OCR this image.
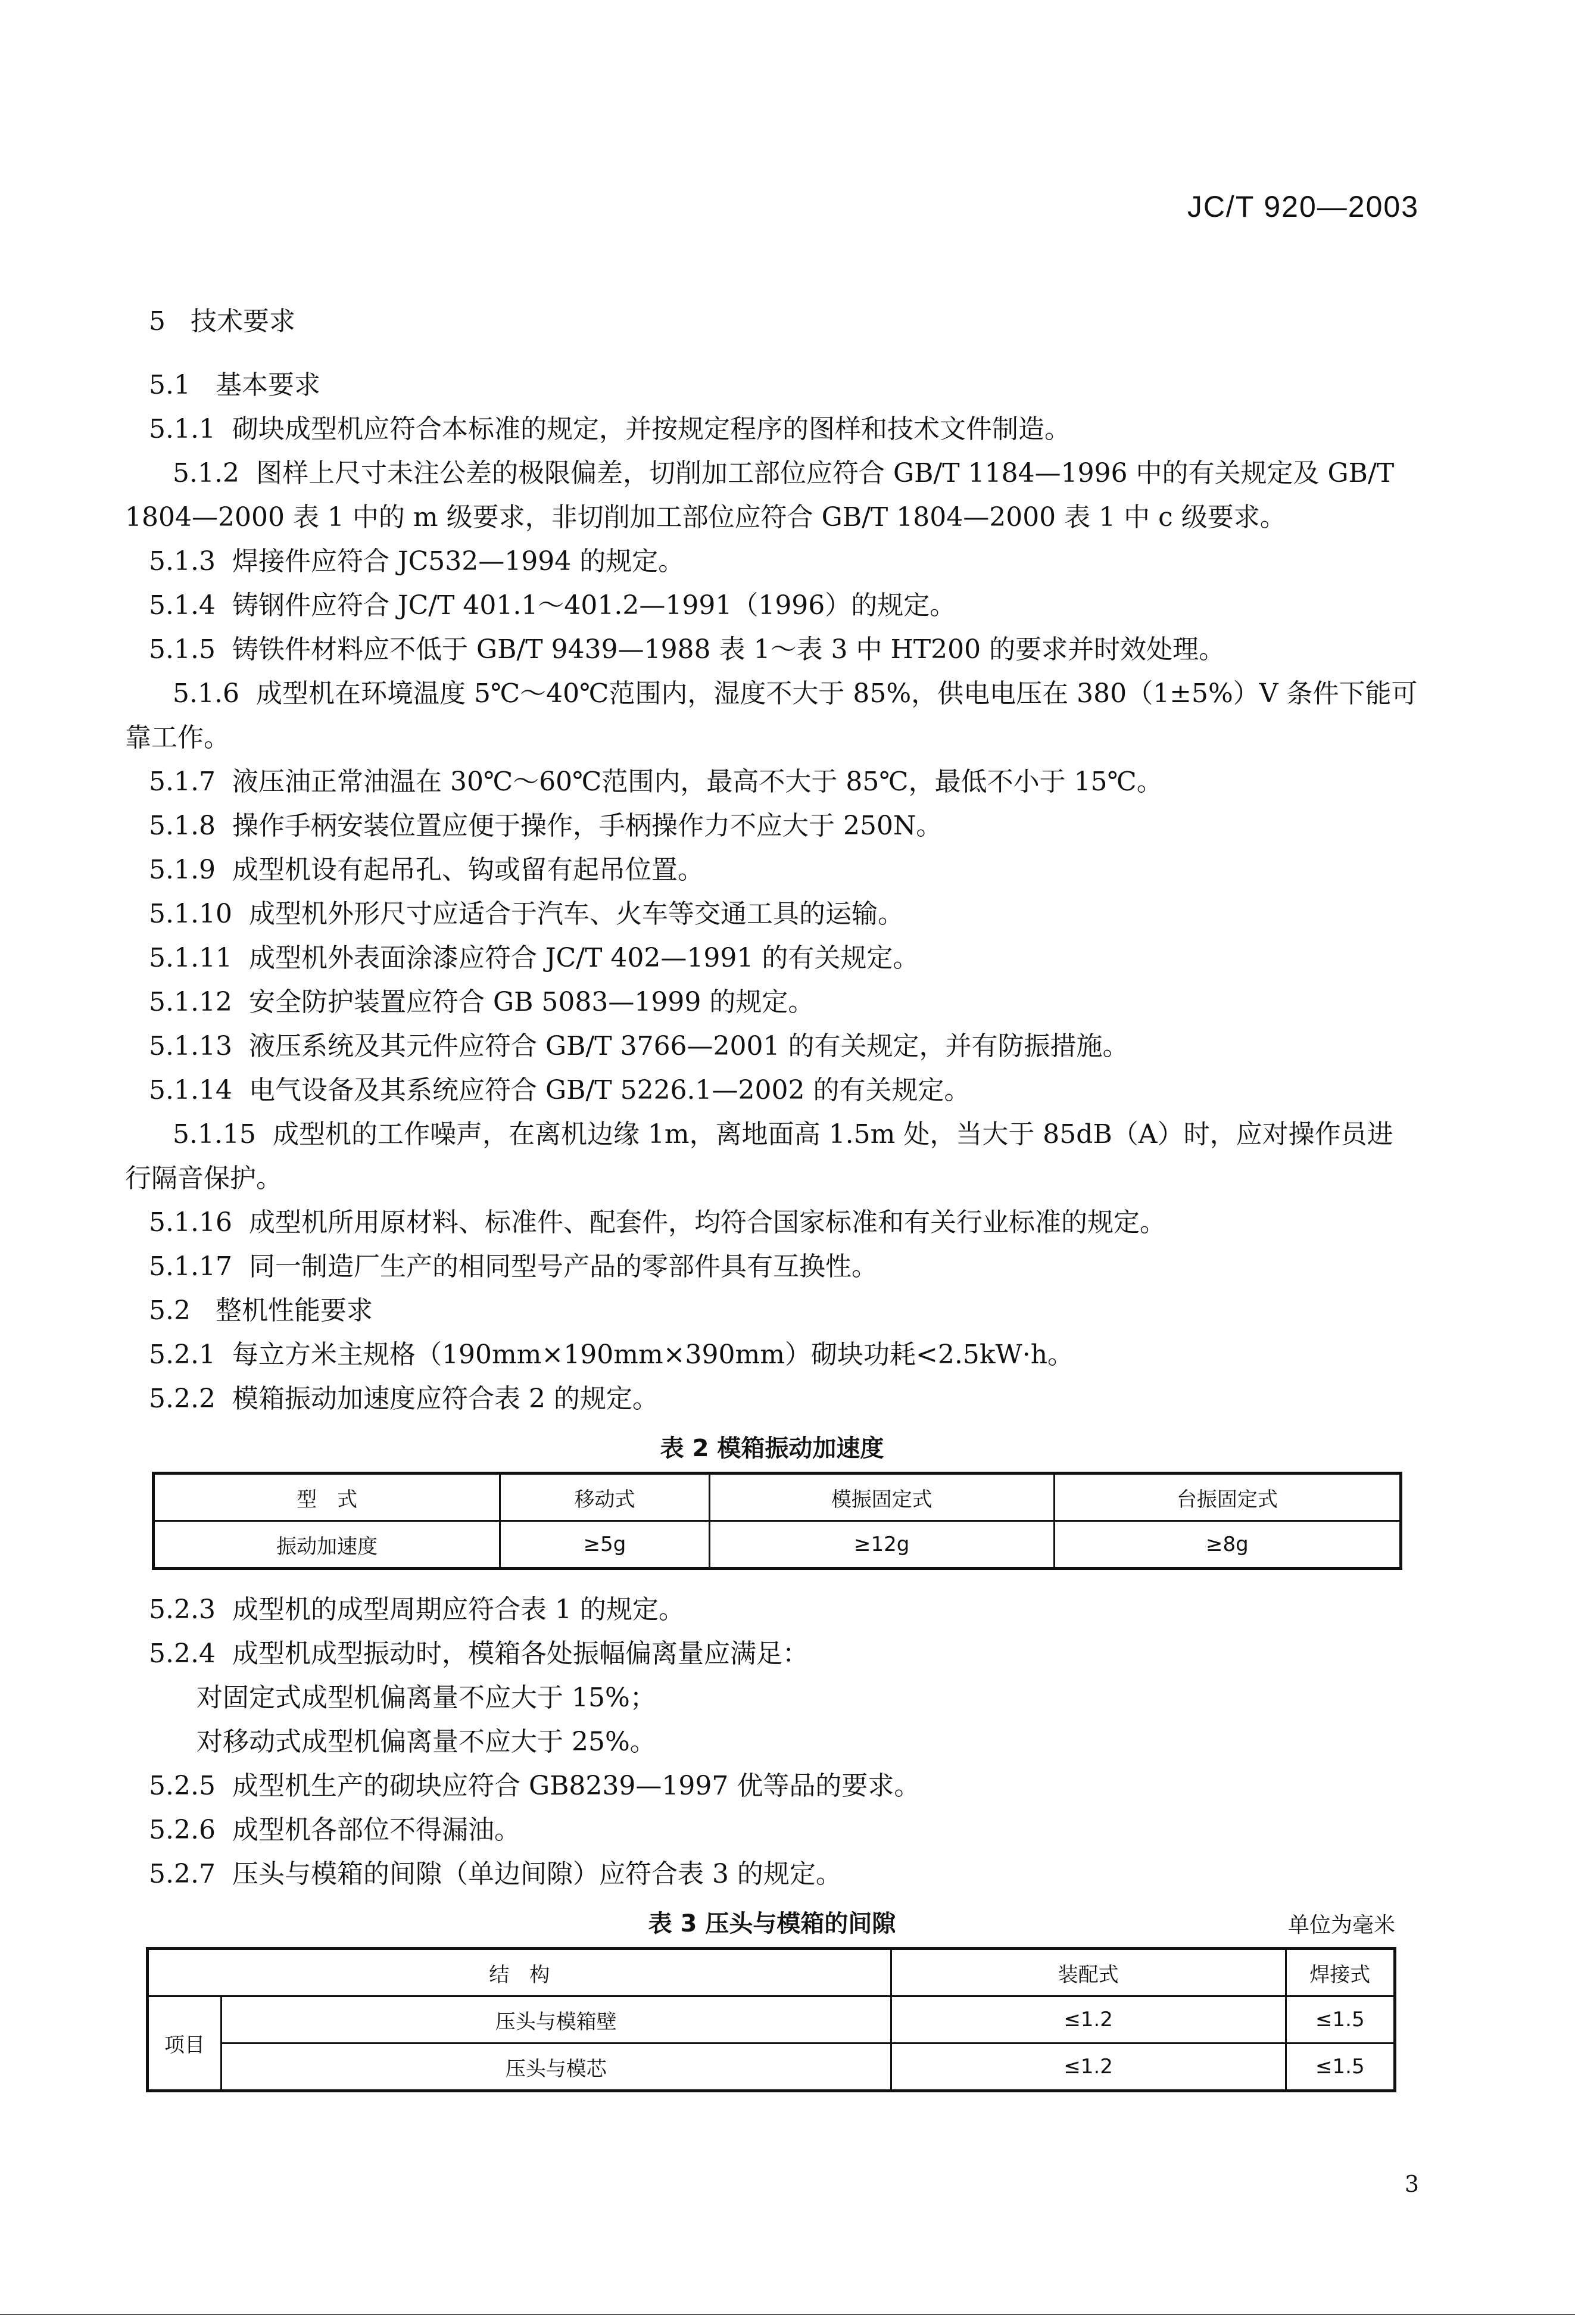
JC/T 920—2003
5 技术要求
5.1 基本要求

5.1.1 砌块成型机应符合本标准的规定，并按规定程序的图样和技术文件制造。

5.1.2 图样上尺寸未注公差的极限偏差，切削加工部位应符合 GB/T 1184—1996 中的有关规定及 GB/T 1804—2000 表 1 中的 m 级要求，非切削加工部位应符合 GB/T 1804—2000 表 1 中 c 级要求。

5.1.3 焊接件应符合 JC532—1994 的规定。

5.1.4 铸钢件应符合 JC/T 401.1～401.2—1991（1996）的规定。

5.1.5 铸铁件材料应不低于 GB/T 9439—1988 表 1～表 3 中 HT200 的要求并时效处理。

5.1.6 成型机在环境温度 5℃～40℃范围内，湿度不大于 85%，供电电压在 380（1±5%）V 条件下能可靠工作。

5.1.7 液压油正常油温在 30℃～60℃范围内，最高不大于 85℃，最低不小于 15℃。

5.1.8 操作手柄安装位置应便于操作，手柄操作力不应大于 250N。

5.1.9 成型机设有起吊孔、钩或留有起吊位置。

5.1.10 成型机外形尺寸应适合于汽车、火车等交通工具的运输。

5.1.11 成型机外表面涂漆应符合 JC/T 402—1991 的有关规定。

5.1.12 安全防护装置应符合 GB 5083—1999 的规定。

5.1.13 液压系统及其元件应符合 GB/T 3766—2001 的有关规定，并有防振措施。

5.1.14 电气设备及其系统应符合 GB/T 5226.1—2002 的有关规定。

5.1.15 成型机的工作噪声，在离机边缘 1m，离地面高 1.5m 处，当大于 85dB（A）时，应对操作员进行隔音保护。

5.1.16 成型机所用原材料、标准件、配套件，均符合国家标准和有关行业标准的规定。

5.1.17 同一制造厂生产的相同型号产品的零部件具有互换性。

5.2 整机性能要求

5.2.1 每立方米主规格（190mm×190mm×390mm）砌块功耗<2.5kW·h。

5.2.2 模箱振动加速度应符合表 2 的规定。

表 2 模箱振动加速度
型　式	移动式	模振固定式	台振固定式
振动加速度	≥5g	≥12g	≥8g

5.2.3 成型机的成型周期应符合表 1 的规定。

5.2.4 成型机成型振动时，模箱各处振幅偏离量应满足：

对固定式成型机偏离量不应大于 15%；
对移动式成型机偏离量不应大于 25%。

5.2.5 成型机生产的砌块应符合 GB8239—1997 优等品的要求。

5.2.6 成型机各部位不得漏油。

5.2.7 压头与模箱的间隙（单边间隙）应符合表 3 的规定。

表 3 压头与模箱的间隙	单位为毫米
结　构		装配式	焊接式
项目	压头与模箱壁	≤1.2	≤1.5
	压头与模芯	≤1.2	≤1.5
3
